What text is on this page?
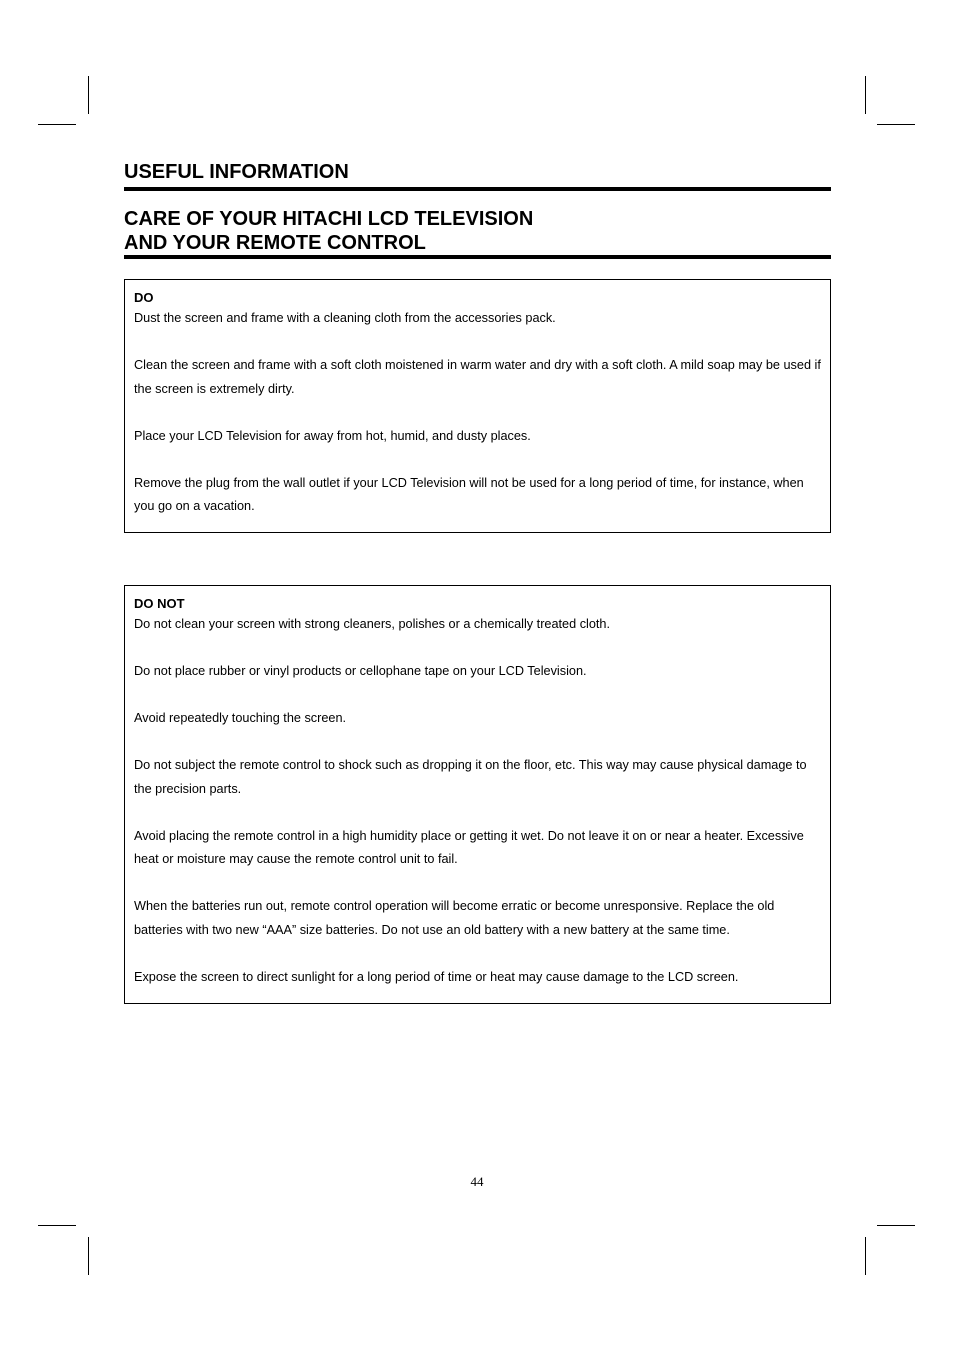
USEFUL INFORMATION
CARE OF YOUR HITACHI LCD TELEVISION
AND YOUR REMOTE CONTROL
DO

Dust the screen and frame with a cleaning cloth from the accessories pack.

Clean the screen and frame with a soft cloth moistened in warm water and dry with a soft cloth. A mild soap may be used if the screen is extremely dirty.

Place your LCD Television for away from hot, humid, and dusty places.

Remove the plug from the wall outlet if your LCD Television will not be used for a long period of time, for instance, when you go on a vacation.

DO NOT

Do not clean your screen with strong cleaners, polishes or a chemically treated cloth.

Do not place rubber or vinyl products or cellophane tape on your LCD Television.

Avoid repeatedly touching the screen.

Do not subject the remote control to shock such as dropping it on the floor, etc. This way may cause physical damage to the precision parts.

Avoid placing the remote control in a high humidity place or getting it wet. Do not leave it on or near a heater. Excessive heat or moisture may cause the remote control unit to fail.

When the batteries run out, remote control operation will become erratic or become unresponsive. Replace the old batteries with two new “AAA” size batteries. Do not use an old battery with a new battery at the same time.

Expose the screen to direct sunlight for a long period of time or heat may cause damage to the LCD screen.

44
